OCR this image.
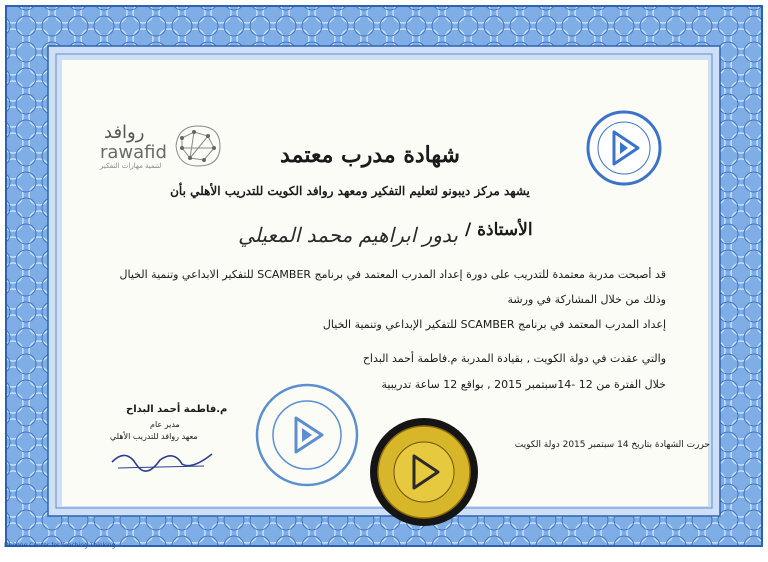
روافد
rawafid
لتنمية مهارات التفكير	شهادة مدرب معتمد
يشهد مركز ديبونو لتعليم التفكير ومعهد روافد الكويت للتدريب الأهلي بأن
الأستاذة /
بدور ابراهيم محمد المعيلي
قد أصبحت مدربة معتمدة للتدريب على دورة إعداد المدرب المعتمد في برنامج SCAMBER للتفكير الابداعي وتنمية الخيال
وذلك من خلال المشاركة في ورشة
إعداد المدرب المعتمد في برنامج SCAMBER للتفكير الإبداعي وتنمية الخيال
والتي عقدت في دولة الكويت , بقيادة المدربة م.فاطمة أحمد البداح
خلال الفترة من 12 -14سبتمبر 2015 , بواقع 12 ساعة تدريبية
حررت الشهادة بتاريخ 14 سبتمبر 2015 دولة الكويت
م.فاطمة أحمد البداح
مدير عام
معهد روافد للتدريب الأهلي
Debono Center for Teaching Thinking
